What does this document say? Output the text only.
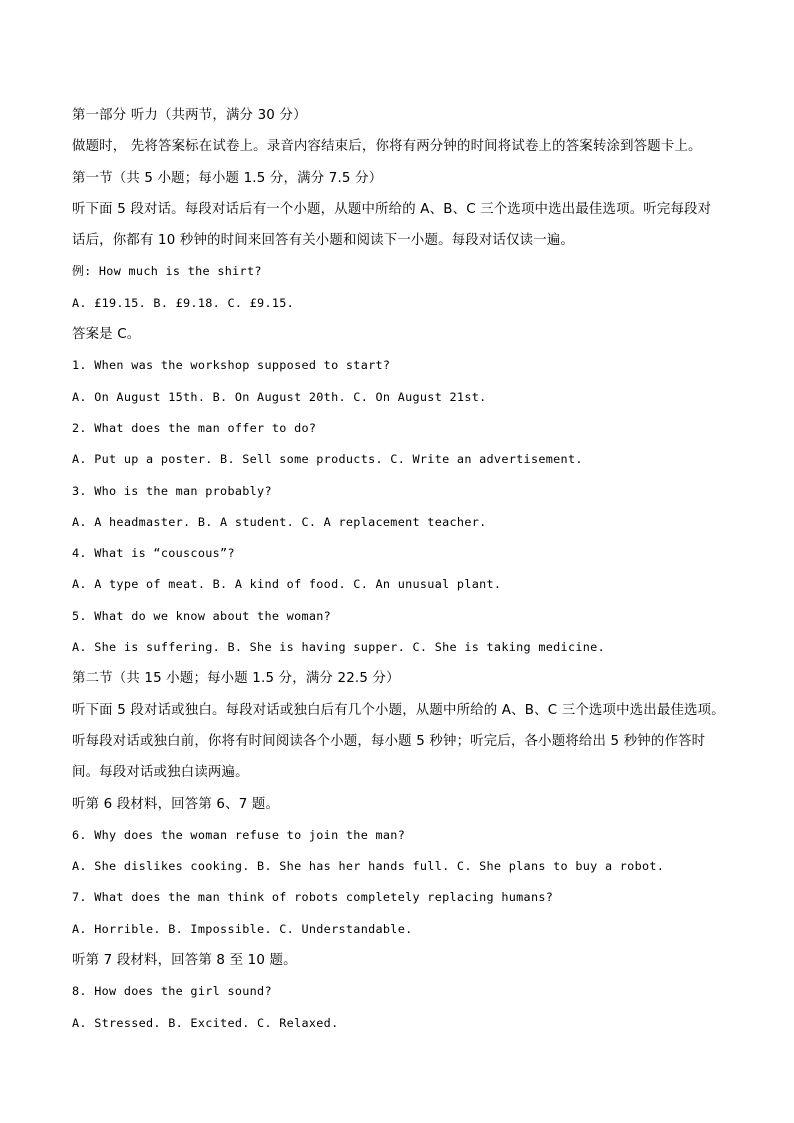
第一部分 听力（共两节，满分 30 分）
做题时， 先将答案标在试卷上。录音内容结束后，你将有两分钟的时间将试卷上的答案转涂到答题卡上。
第一节（共 5 小题；每小题 1.5 分，满分 7.5 分）
听下面 5 段对话。每段对话后有一个小题，从题中所给的 A、B、C 三个选项中选出最佳选项。听完每段对
话后，你都有 10 秒钟的时间来回答有关小题和阅读下一小题。每段对话仅读一遍。
例: How much is the shirt?
A. £19.15. B. £9.18. C. £9.15.
答案是 C。
1. When was the workshop supposed to start?
A. On August 15th. B. On August 20th. C. On August 21st.
2. What does the man offer to do?
A. Put up a poster. B. Sell some products. C. Write an advertisement.
3. Who is the man probably?
A. A headmaster. B. A student. C. A replacement teacher.
4. What is “couscous”?
A. A type of meat. B. A kind of food. C. An unusual plant.
5. What do we know about the woman?
A. She is suffering. B. She is having supper. C. She is taking medicine.
第二节（共 15 小题；每小题 1.5 分，满分 22.5 分）
听下面 5 段对话或独白。每段对话或独白后有几个小题，从题中所给的 A、B、C 三个选项中选出最佳选项。
听每段对话或独白前，你将有时间阅读各个小题，每小题 5 秒钟；听完后，各小题将给出 5 秒钟的作答时
间。每段对话或独白读两遍。
听第 6 段材料，回答第 6、7 题。
6. Why does the woman refuse to join the man?
A. She dislikes cooking. B. She has her hands full. C. She plans to buy a robot.
7. What does the man think of robots completely replacing humans?
A. Horrible. B. Impossible. C. Understandable.
听第 7 段材料，回答第 8 至 10 题。
8. How does the girl sound?
A. Stressed. B. Excited. C. Relaxed.
